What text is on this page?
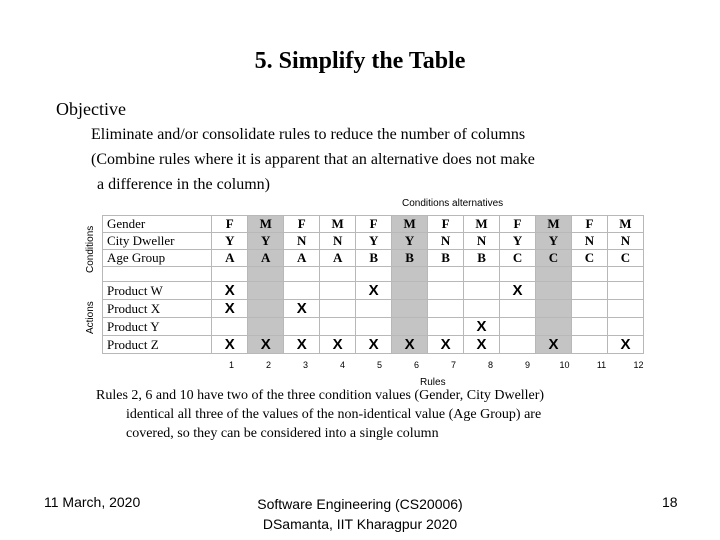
5. Simplify the Table
Objective
Eliminate and/or consolidate rules to reduce the number of columns
(Combine rules where it is apparent that an alternative does not make
a difference in the column)
Conditions alternatives
Conditions
Actions
Gender	F	M	F	M	F	M	F	M	F	M	F	M
City Dweller	Y	Y	N	N	Y	Y	N	N	Y	Y	N	N
Age Group	A	A	A	A	B	B	B	B	C	C	C	C

Product W	X				X				X			
Product X	X		X									
Product Y								X				
Product Z	X	X	X	X	X	X	X	X		X		X
1	2	3	4	5	6	7	8	9	10	11	12
Rules
Rules 2, 6 and 10 have two of the three condition values (Gender, City Dweller)
identical all three of the values of the non-identical value (Age Group) are
covered, so they can be considered into a single column
11 March, 2020	Software Engineering (CS20006)
DSamanta, IIT Kharagpur 2020
18
